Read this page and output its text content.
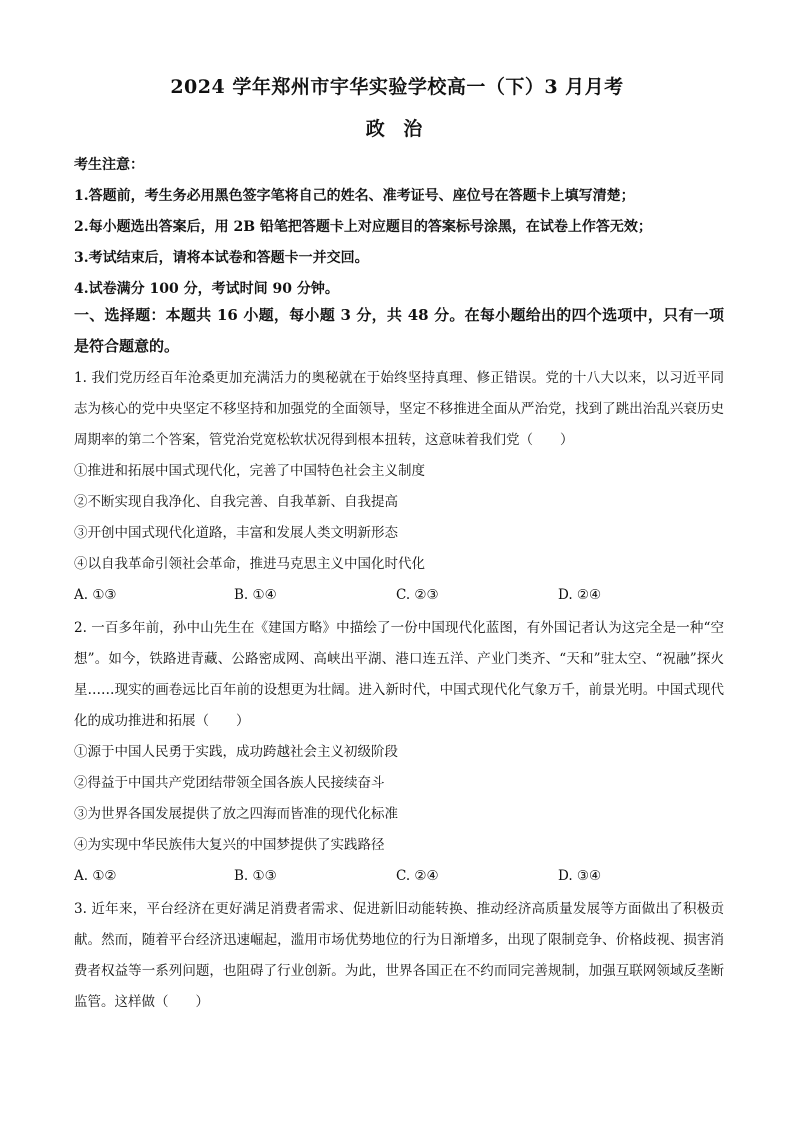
2024 学年郑州市宇华实验学校高一（下）3 月月考
政 治
考生注意：
1.答题前，考生务必用黑色签字笔将自己的姓名、准考证号、座位号在答题卡上填写清楚；
2.每小题选出答案后，用 2B 铅笔把答题卡上对应题目的答案标号涂黑，在试卷上作答无效；
3.考试结束后，请将本试卷和答题卡一并交回。
4.试卷满分 100 分，考试时间 90 分钟。
一、选择题：本题共 16 小题，每小题 3 分，共 48 分。在每小题给出的四个选项中，只有一项是符合题意的。
1. 我们党历经百年沧桑更加充满活力的奥秘就在于始终坚持真理、修正错误。党的十八大以来，以习近平同志为核心的党中央坚定不移坚持和加强党的全面领导，坚定不移推进全面从严治党，找到了跳出治乱兴衰历史周期率的第二个答案，管党治党宽松软状况得到根本扭转，这意味着我们党（　　）
①推进和拓展中国式现代化，完善了中国特色社会主义制度
②不断实现自我净化、自我完善、自我革新、自我提高
③开创中国式现代化道路，丰富和发展人类文明新形态
④以自我革命引领社会革命，推进马克思主义中国化时代化
A. ①③	B. ①④	C. ②③	D. ②④
2. 一百多年前，孙中山先生在《建国方略》中描绘了一份中国现代化蓝图，有外国记者认为这完全是一种“空想”。如今，铁路进青藏、公路密成网、高峡出平湖、港口连五洋、产业门类齐、“天和”驻太空、“祝融”探火星……现实的画卷远比百年前的设想更为壮阔。进入新时代，中国式现代化气象万千，前景光明。中国式现代化的成功推进和拓展（　　）
①源于中国人民勇于实践，成功跨越社会主义初级阶段
②得益于中国共产党团结带领全国各族人民接续奋斗
③为世界各国发展提供了放之四海而皆准的现代化标准
④为实现中华民族伟大复兴的中国梦提供了实践路径
A. ①②	B. ①③	C. ②④	D. ③④
3. 近年来，平台经济在更好满足消费者需求、促进新旧动能转换、推动经济高质量发展等方面做出了积极贡献。然而，随着平台经济迅速崛起，滥用市场优势地位的行为日渐增多，出现了限制竞争、价格歧视、损害消费者权益等一系列问题，也阻碍了行业创新。为此，世界各国正在不约而同完善规制，加强互联网领域反垄断监管。这样做（　　）
